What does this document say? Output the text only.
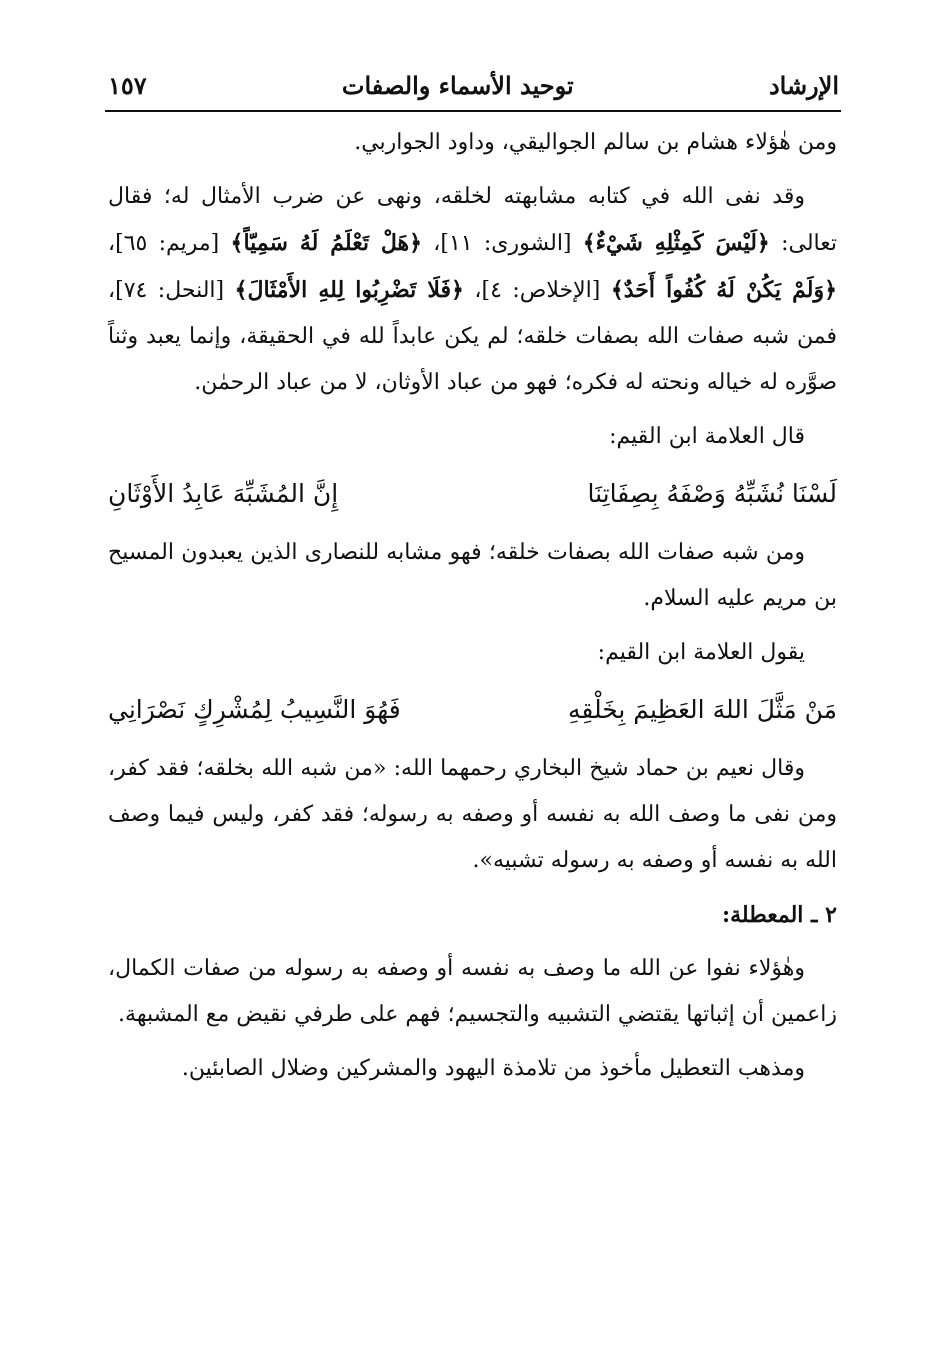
الإرشاد
توحيد الأسماء والصفات
١٥٧

ومن هٰؤلاء هشام بن سالم الجواليقي، وداود الجواربي.

وقد نفى الله في كتابه مشابهته لخلقه، ونهى عن ضرب الأمثال له؛ فقال تعالى: ﴿لَيْسَ كَمِثْلِهِ شَيْءٌ﴾ [الشورى: ١١]، ﴿هَلْ تَعْلَمُ لَهُ سَمِيّاً﴾ [مريم: ٦٥]، ﴿وَلَمْ يَكُنْ لَهُ كُفُواً أَحَدٌ﴾ [الإخلاص: ٤]، ﴿فَلَا تَضْرِبُوا لِلهِ الأَمْثَالَ﴾ [النحل: ٧٤]، فمن شبه صفات الله بصفات خلقه؛ لم يكن عابداً لله في الحقيقة، وإنما يعبد وثناً صوَّره له خياله ونحته له فكره؛ فهو من عباد الأوثان، لا من عباد الرحمٰن.

قال العلامة ابن القيم:

لَسْنَا نُشَبِّهُ وَصْفَهُ بِصِفَاتِنَا
إِنَّ المُشَبِّهَ عَابِدُ الأَوْثَانِ

ومن شبه صفات الله بصفات خلقه؛ فهو مشابه للنصارى الذين يعبدون المسيح بن مريم عليه السلام.

يقول العلامة ابن القيم:

مَنْ مَثَّلَ اللهَ العَظِيمَ بِخَلْقِهِ
فَهُوَ النَّسِيبُ لِمُشْرِكٍ نَصْرَانِي

وقال نعيم بن حماد شيخ البخاري رحمهما الله: «من شبه الله بخلقه؛ فقد كفر، ومن نفى ما وصف الله به نفسه أو وصفه به رسوله؛ فقد كفر، وليس فيما وصف الله به نفسه أو وصفه به رسوله تشبيه».

٢ ـ المعطلة:

وهٰؤلاء نفوا عن الله ما وصف به نفسه أو وصفه به رسوله من صفات الكمال، زاعمين أن إثباتها يقتضي التشبيه والتجسيم؛ فهم على طرفي نقيض مع المشبهة.

ومذهب التعطيل مأخوذ من تلامذة اليهود والمشركين وضلال الصابئين.
